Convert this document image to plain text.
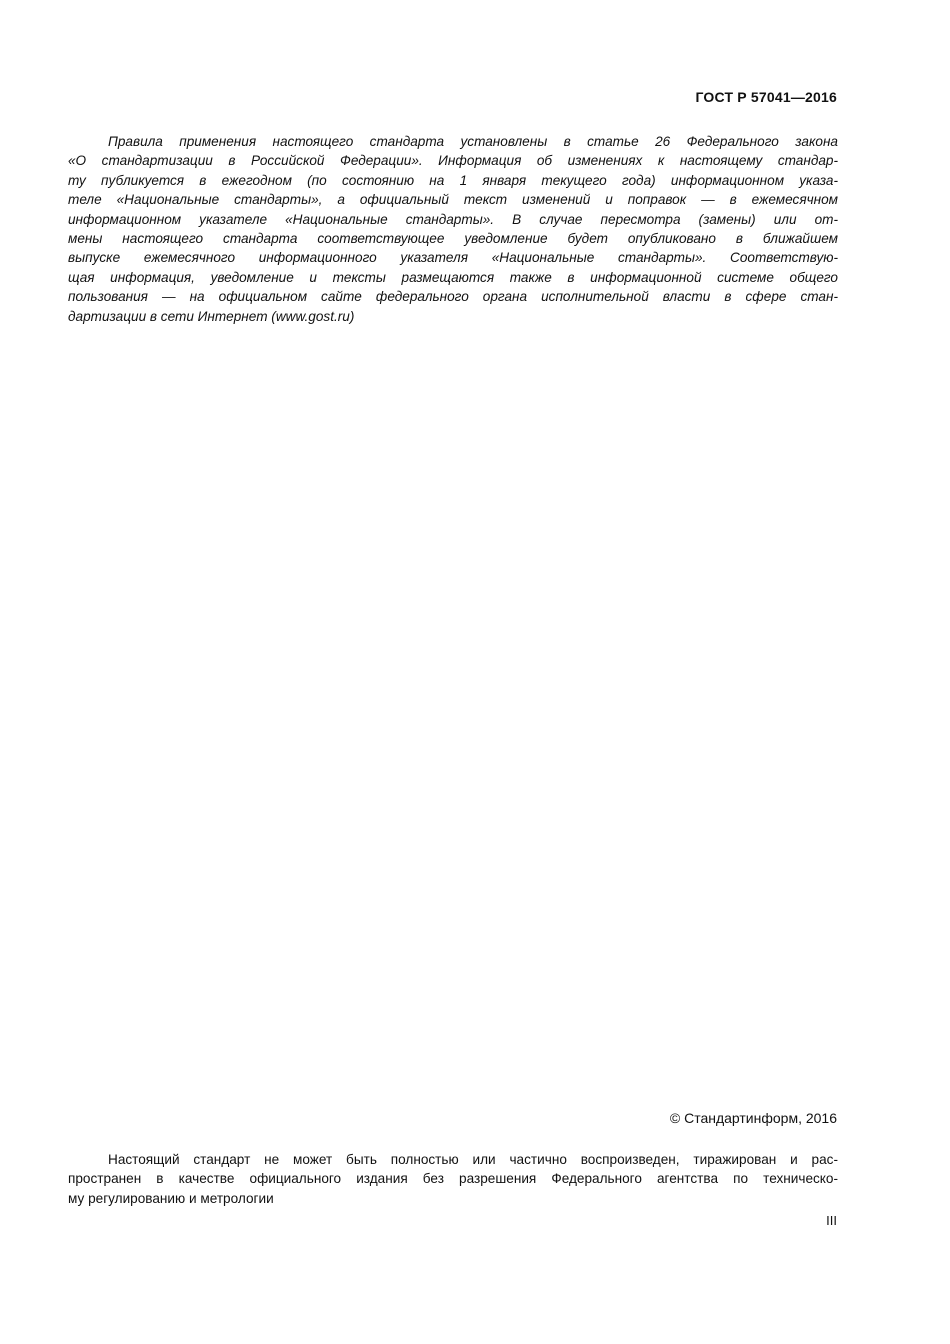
ГОСТ Р 57041—2016
Правила применения настоящего стандарта установлены в статье 26 Федерального закона
«О стандартизации в Российской Федерации». Информация об изменениях к настоящему стандар-
ту публикуется в ежегодном (по состоянию на 1 января текущего года) информационном указа-
теле «Национальные стандарты», а официальный текст изменений и поправок — в ежемесячном
информационном указателе «Национальные стандарты». В случае пересмотра (замены) или от-
мены настоящего стандарта соответствующее уведомление будет опубликовано в ближайшем
выпуске ежемесячного информационного указателя «Национальные стандарты». Соответствую-
щая информация, уведомление и тексты размещаются также в информационной системе общего
пользования — на официальном сайте федерального органа исполнительной власти в сфере стан-
дартизации в сети Интернет (www.gost.ru)
© Стандартинформ, 2016
Настоящий стандарт не может быть полностью или частично воспроизведен, тиражирован и рас-
пространен в качестве официального издания без разрешения Федерального агентства по техническо-
му регулированию и метрологии
III
